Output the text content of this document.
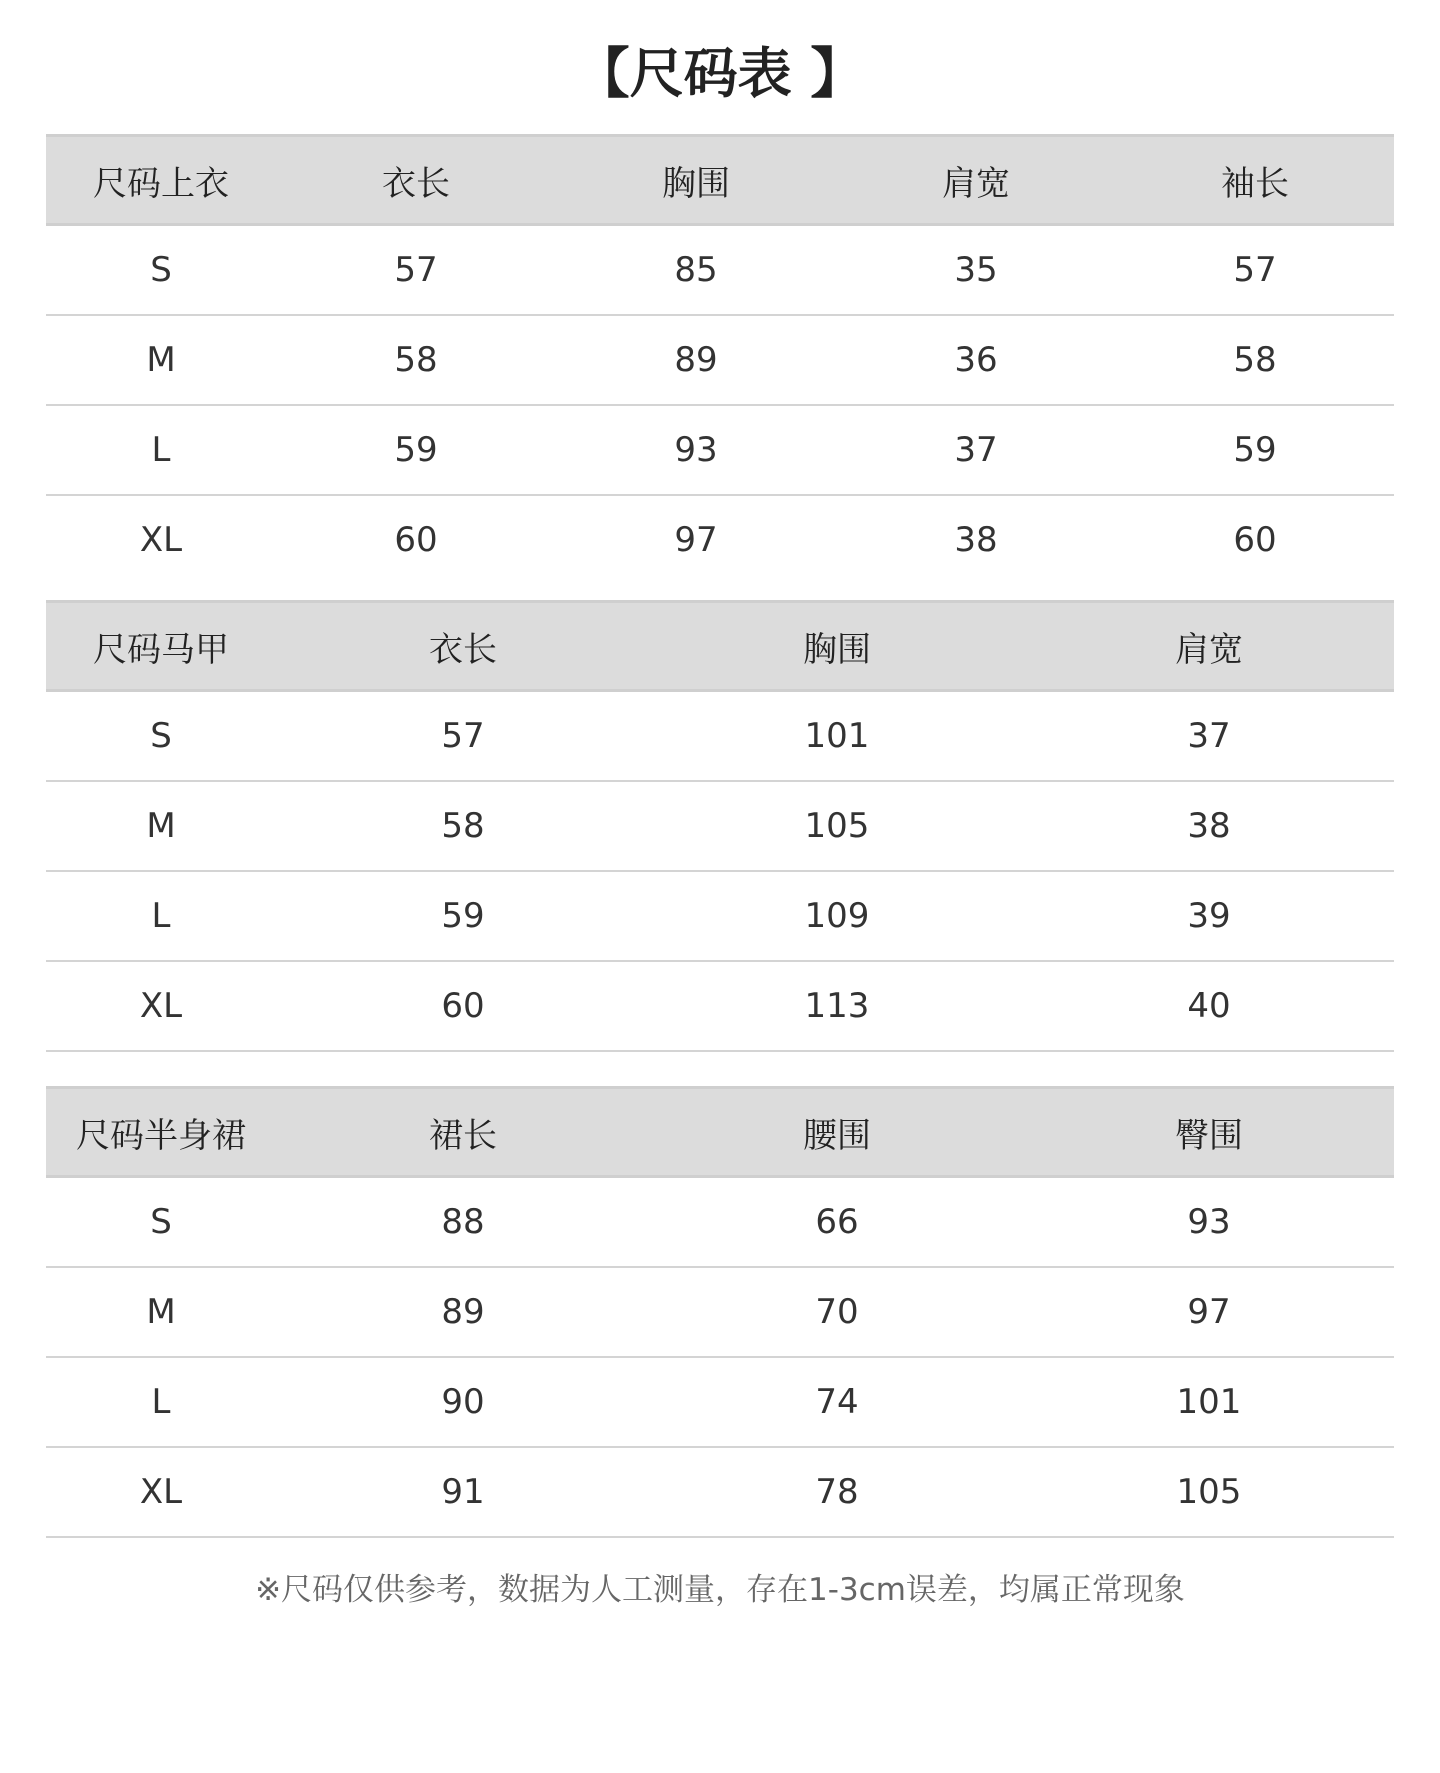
【尺码表 】
尺码上衣	衣长	胸围	肩宽	袖长
S	57	85	35	57
M	58	89	36	58
L	59	93	37	59
XL	60	97	38	60
尺码马甲	衣长	胸围	肩宽
S	57	101	37
M	58	105	38
L	59	109	39
XL	60	113	40
尺码半身裙	裙长	腰围	臀围
S	88	66	93
M	89	70	97
L	90	74	101
XL	91	78	105
※尺码仅供参考，数据为人工测量，存在1-3cm误差，均属正常现象
